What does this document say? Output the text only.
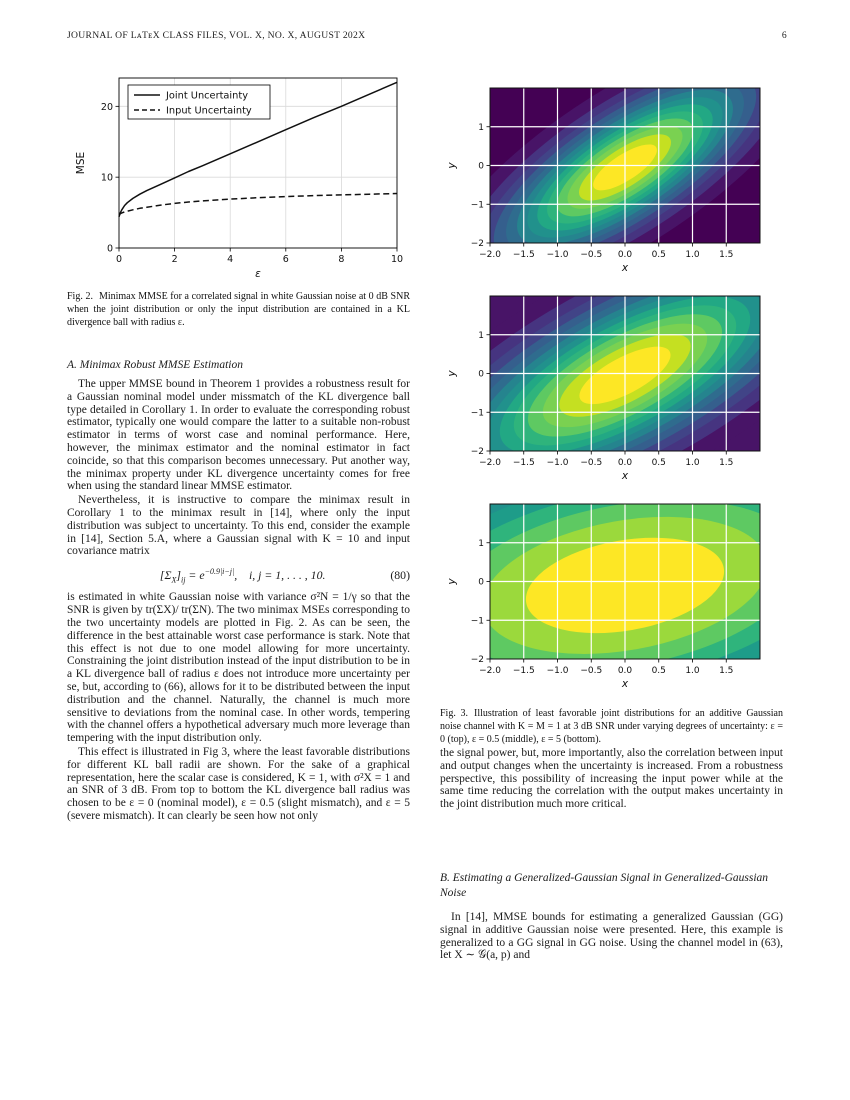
JOURNAL OF LᴀTᴇX CLASS FILES, VOL. X, NO. X, AUGUST 202X	6
0	2	4	6	8	10
0
10
20
ε
MSE
Joint Uncertainty
Input Uncertainty

Fig. 2. Minimax MMSE for a correlated signal in white Gaussian noise at 0 dB SNR when the joint distribution or only the input distribution are contained in a KL divergence ball with radius ε.

A. Minimax Robust MMSE Estimation

The upper MMSE bound in Theorem 1 provides a robustness result for a Gaussian nominal model under missmatch of the KL divergence ball type detailed in Corollary 1. In order to evaluate the corresponding robust estimator, typically one would compare the latter to a suitable non-robust estimator in terms of worst case and nominal performance. Here, however, the minimax estimator and the nominal estimator in fact coincide, so that this comparison becomes unnecessary. Put another way, the minimax property under KL divergence uncertainty comes for free when using the standard linear MMSE estimator.

Nevertheless, it is instructive to compare the minimax result in Corollary 1 to the minimax result in [14], where only the input distribution was subject to uncertainty. To this end, consider the example in [14], Section 5.A, where a Gaussian signal with K = 10 and input covariance matrix

$[\Sigma_X]_{ij} = e^{-0.9|i-j|}$,  i, j = 1, . . . , 10.	(80)

is estimated in white Gaussian noise with variance σ²N = 1/γ so that the SNR is given by tr(ΣX)/ tr(ΣN). The two minimax MSEs corresponding to the two uncertainty models are plotted in Fig. 2. As can be seen, the difference in the best attainable worst case performance is stark. Note that this effect is not due to one model allowing for more uncertainty. Constraining the joint distribution instead of the input distribution to be in a KL divergence ball of radius ε does not introduce more uncertainty per se, but, according to (66), allows for it to be distributed between the input distribution and the channel. Naturally, the channel is much more sensitive to deviations from the nominal case. In other words, tempering with the channel offers a hypothetical adversary much more leverage than tempering with the input distribution only.

This effect is illustrated in Fig 3, where the least favorable distributions for different KL ball radii are shown. For the sake of a graphical representation, here the scalar case is considered, K = 1, with σ²X = 1 and an SNR of 3 dB. From top to bottom the KL divergence ball radius was chosen to be ε = 0 (nominal model), ε = 0.5 (slight mismatch), and ε = 5 (severe mismatch). It can clearly be seen how not only

−2.0 −1.5 −1.0 −0.5 0.0 0.5 1.0 1.5
−2
−1
0
1
x
y
−2.0 −1.5 −1.0 −0.5 0.0 0.5 1.0 1.5
−2
−1
0
1
x
y
−2.0 −1.5 −1.0 −0.5 0.0 0.5 1.0 1.5
−2
−1
0
1
x
y

Fig. 3. Illustration of least favorable joint distributions for an additive Gaussian noise channel with K = M = 1 at 3 dB SNR under varying degrees of uncertainty: ε = 0 (top), ε = 0.5 (middle), ε = 5 (bottom).

the signal power, but, more importantly, also the correlation between input and output changes when the uncertainty is increased. From a robustness perspective, this possibility of increasing the input power while at the same time reducing the correlation with the output makes uncertainty in the joint distribution much more critical.

B. Estimating a Generalized-Gaussian Signal in Generalized-Gaussian Noise

In [14], MMSE bounds for estimating a generalized Gaussian (GG) signal in additive Gaussian noise were presented. Here, this example is generalized to a GG signal in GG noise. Using the channel model in (63), let X ∼ 𝒢(a, p) and
